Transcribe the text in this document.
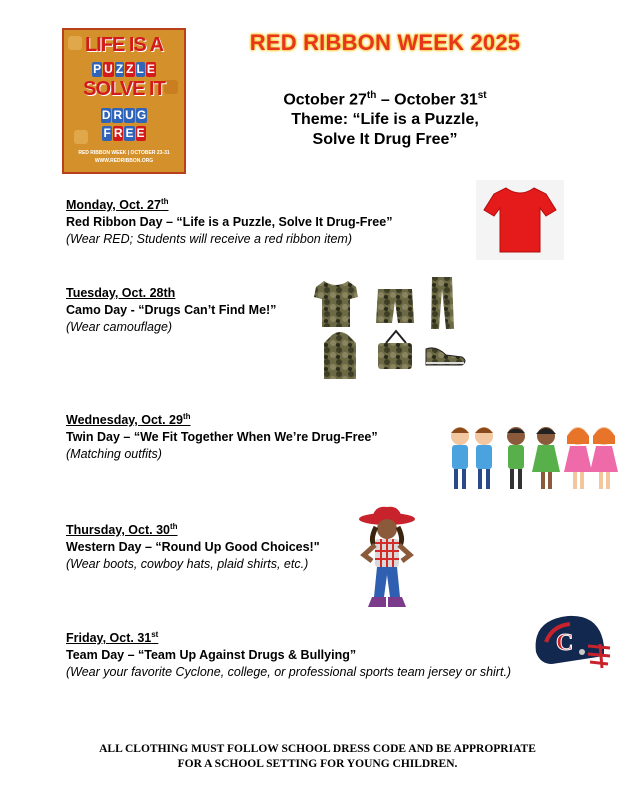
LIFE IS A
P U Z Z L E
SOLVE IT
D R U G
F R E E
RED RIBBON WEEK | OCTOBER 23-31
WWW.REDRIBBON.ORG
RED RIBBON WEEK 2025
October 27th – October 31st
Theme: “Life is a Puzzle,
Solve It Drug Free”
Monday, Oct. 27th
Red Ribbon Day – “Life is a Puzzle, Solve It Drug-Free”
(Wear RED; Students will receive a red ribbon item)
Tuesday, Oct. 28th
Camo Day - “Drugs Can’t Find Me!”
(Wear camouflage)
Wednesday, Oct. 29th
Twin Day – “We Fit Together When We’re Drug-Free”
(Matching outfits)
Thursday, Oct. 30th
Western Day – “Round Up Good Choices!"
(Wear boots, cowboy hats, plaid shirts, etc.)
Friday, Oct. 31st
Team Day – “Team Up Against Drugs & Bullying”
(Wear your favorite Cyclone, college, or professional sports team jersey or shirt.)
C
ALL CLOTHING MUST FOLLOW SCHOOL DRESS CODE AND BE APPROPRIATE
FOR A SCHOOL SETTING FOR YOUNG CHILDREN.
